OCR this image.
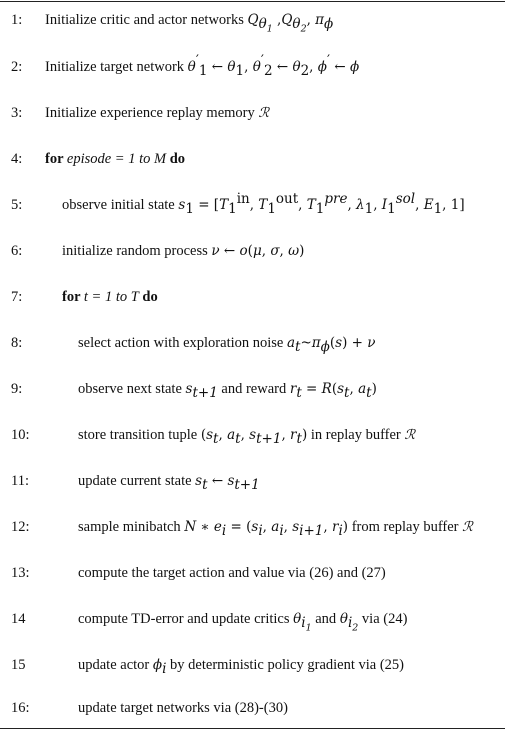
1: Initialize critic and actor networks $Q_{\theta_1}$ $,Q_{\theta_2}$, $\pi_\phi$
2: Initialize target network $\theta'_1$ ← $\theta_1$, $\theta'_2$ ← $\theta_2$, ϕ′ ← ϕ
3: Initialize experience replay memory ℛ
4: for episode = 1 to M do
5:	observe initial state $s_1 = [T_1^{in}$, $T_1^{out}$, $T_1^{pre}$, $\lambda_1$, $I_1^{sol}$, $E_1$, 1]
6:	initialize random process ν ← o(μ, σ, ω)
7:	for t = 1 to T do
8:	select action with exploration noise $a_t\sim\pi_\phi(s) + \nu$
9:	observe next state $s_{t+1}$ and reward $r_t = R(s_t$, $a_t$)
10:	store transition tuple ($s_t$, $a_t$, $s_{t+1}$, $r_t$) in replay buffer ℛ
11:	update current state $s_t$ ← $s_{t+1}$
12:	sample minibatch N ∗ $e_i = (s_i$, $a_i$, $s_{i+1}$, $r_i$) from replay buffer ℛ
13:	compute the target action and value via (26) and (27)
14	compute TD-error and update critics $\theta_{i_1}$ and $\theta_{i_2}$ via (24)
15	update actor $\phi_i$ by deterministic policy gradient via (25)
16:	update target networks via (28)-(30)
